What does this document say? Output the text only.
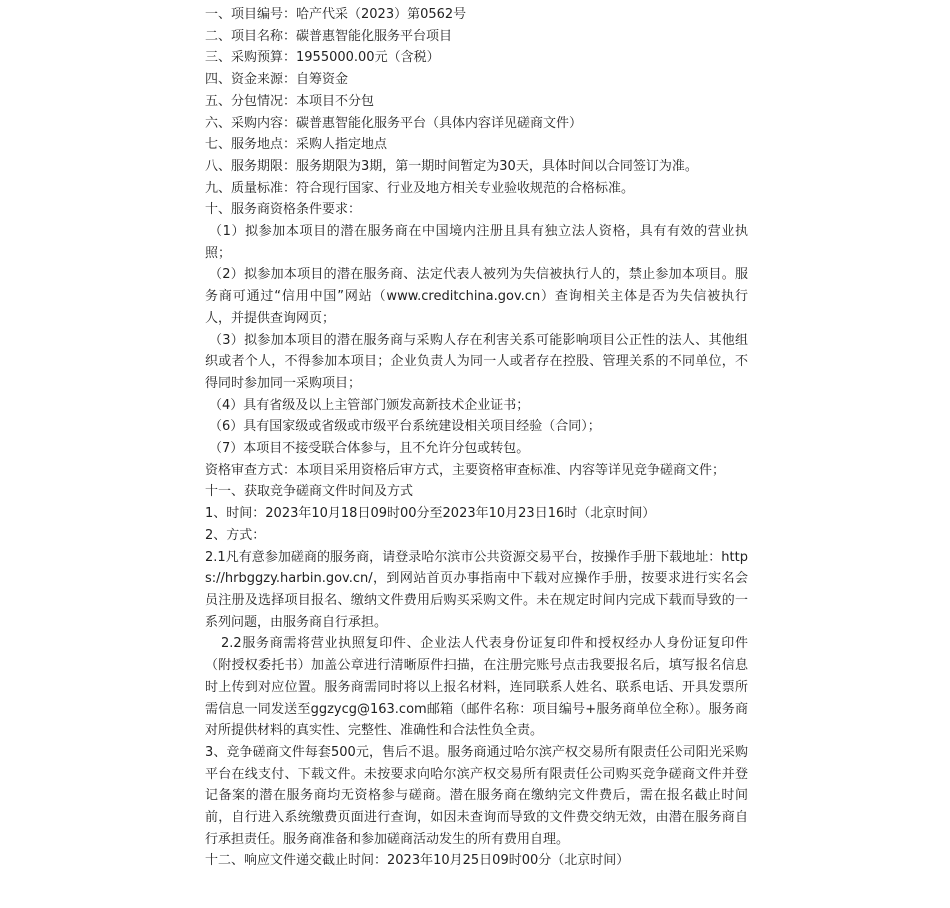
一、项目编号：哈产代采（2023）第0562号

二、项目名称：碳普惠智能化服务平台项目

三、采购预算：1955000.00元（含税）

四、资金来源：自筹资金

五、分包情况：本项目不分包

六、采购内容：碳普惠智能化服务平台（具体内容详见磋商文件）

七、服务地点：采购人指定地点

八、服务期限：服务期限为3期，第一期时间暂定为30天，具体时间以合同签订为准。

九、质量标准：符合现行国家、行业及地方相关专业验收规范的合格标准。

十、服务商资格条件要求：

（1）拟参加本项目的潜在服务商在中国境内注册且具有独立法人资格，具有有效的营业执照；

（2）拟参加本项目的潜在服务商、法定代表人被列为失信被执行人的，禁止参加本项目。服务商可通过“信用中国”网站（www.creditchina.gov.cn）查询相关主体是否为失信被执行人，并提供查询网页；

（3）拟参加本项目的潜在服务商与采购人存在利害关系可能影响项目公正性的法人、其他组织或者个人，不得参加本项目；企业负责人为同一人或者存在控股、管理关系的不同单位，不得同时参加同一采购项目；

（4）具有省级及以上主管部门颁发高新技术企业证书；

（6）具有国家级或省级或市级平台系统建设相关项目经验（合同）；

（7）本项目不接受联合体参与，且不允许分包或转包。

资格审查方式：本项目采用资格后审方式，主要资格审查标准、内容等详见竞争磋商文件；

十一、获取竞争磋商文件时间及方式

1、时间：2023年10月18日09时00分至2023年10月23日16时（北京时间）

2、方式：

2.1凡有意参加磋商的服务商，请登录哈尔滨市公共资源交易平台，按操作手册下载地址：https://hrbggzy.harbin.gov.cn/，到网站首页办事指南中下载对应操作手册，按要求进行实名会员注册及选择项目报名、缴纳文件费用后购买采购文件。未在规定时间内完成下载而导致的一系列问题，由服务商自行承担。

2.2服务商需将营业执照复印件、企业法人代表身份证复印件和授权经办人身份证复印件（附授权委托书）加盖公章进行清晰原件扫描，在注册完账号点击我要报名后，填写报名信息时上传到对应位置。服务商需同时将以上报名材料，连同联系人姓名、联系电话、开具发票所需信息一同发送至ggzycg@163.com邮箱（邮件名称：项目编号+服务商单位全称）。服务商对所提供材料的真实性、完整性、准确性和合法性负全责。

3、竞争磋商文件每套500元，售后不退。服务商通过哈尔滨产权交易所有限责任公司阳光采购平台在线支付、下载文件。未按要求向哈尔滨产权交易所有限责任公司购买竞争磋商文件并登记备案的潜在服务商均无资格参与磋商。潜在服务商在缴纳完文件费后，需在报名截止时间前，自行进入系统缴费页面进行查询，如因未查询而导致的文件费交纳无效，由潜在服务商自行承担责任。服务商准备和参加磋商活动发生的所有费用自理。

十二、响应文件递交截止时间：2023年10月25日09时00分（北京时间）
